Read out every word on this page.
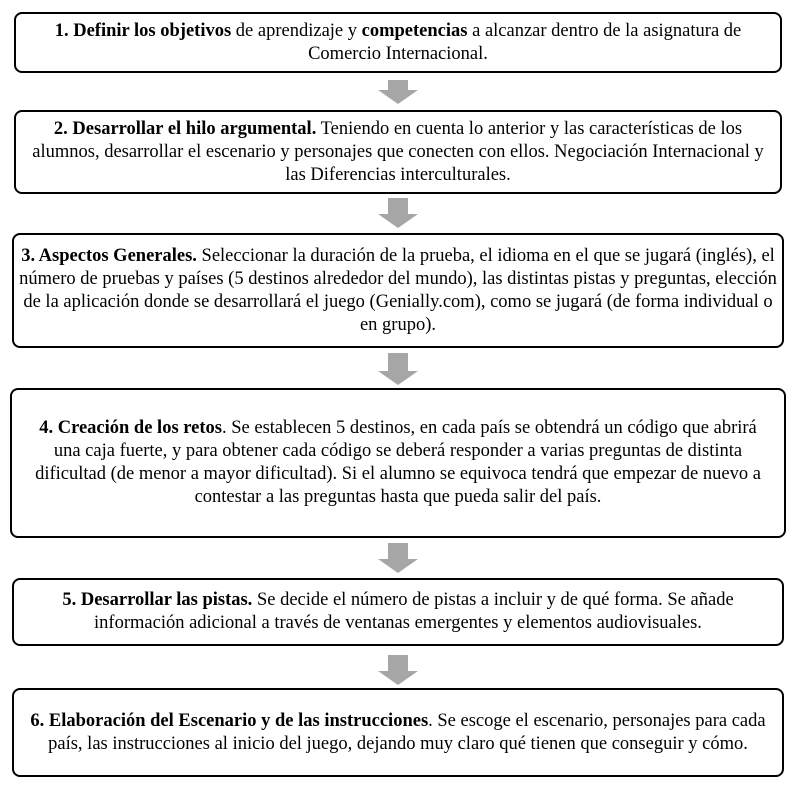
1. Definir los objetivos de aprendizaje y competencias a alcanzar dentro de la asignatura de Comercio Internacional.
2. Desarrollar el hilo argumental. Teniendo en cuenta lo anterior y las características de los alumnos, desarrollar el escenario y personajes que conecten con ellos. Negociación Internacional y las Diferencias interculturales.
3. Aspectos Generales. Seleccionar la duración de la prueba, el idioma en el que se jugará (inglés), el número de pruebas y países (5 destinos alrededor del mundo), las distintas pistas y preguntas, elección de la aplicación donde se desarrollará el juego (Genially.com), como se jugará (de forma individual o en grupo).
4. Creación de los retos. Se establecen 5 destinos, en cada país se obtendrá un código que abrirá una caja fuerte, y para obtener cada código se deberá responder a varias preguntas de distinta dificultad (de menor a mayor dificultad). Si el alumno se equivoca tendrá que empezar de nuevo a contestar a las preguntas hasta que pueda salir del país.
5. Desarrollar las pistas. Se decide el número de pistas a incluir y de qué forma. Se añade información adicional a través de ventanas emergentes y elementos audiovisuales.
6. Elaboración del Escenario y de las instrucciones. Se escoge el escenario, personajes para cada país, las instrucciones al inicio del juego, dejando muy claro qué tienen que conseguir y cómo.
